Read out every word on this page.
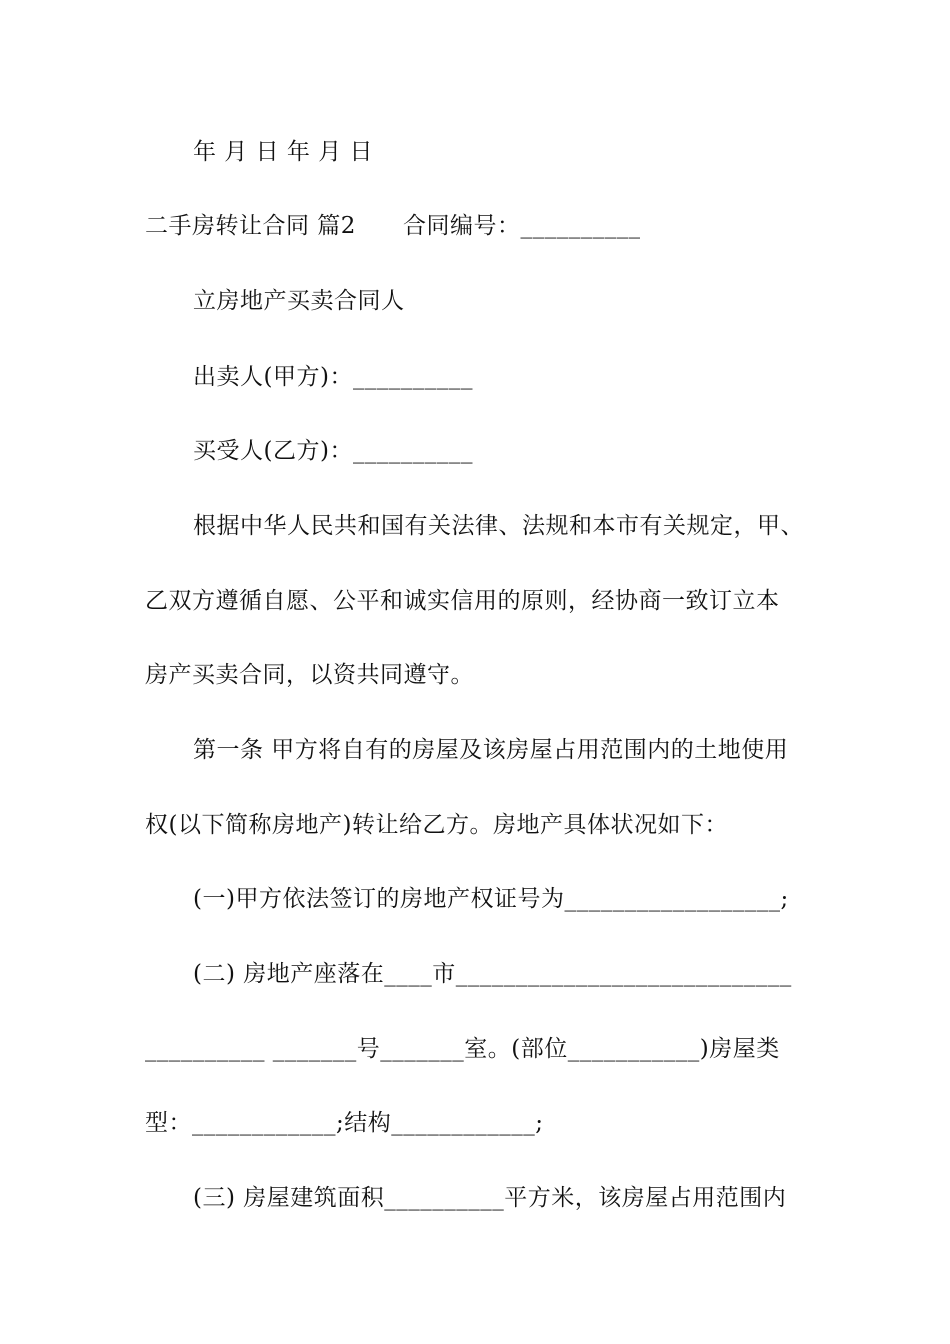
年 月 日 年 月 日
二手房转让合同 篇2　　合同编号：__________
立房地产买卖合同人
出卖人(甲方)：__________
买受人(乙方)：__________
根据中华人民共和国有关法律、法规和本市有关规定，甲、
乙双方遵循自愿、公平和诚实信用的原则，经协商一致订立本
房产买卖合同，以资共同遵守。
第一条 甲方将自有的房屋及该房屋占用范围内的土地使用
权(以下简称房地产)转让给乙方。房地产具体状况如下：
(一)甲方依法签订的房地产权证号为__________________;
(二) 房地产座落在____市____________________________
__________ _______号_______室。(部位___________)房屋类
型：____________;结构____________;
(三) 房屋建筑面积__________平方米，该房屋占用范围内
